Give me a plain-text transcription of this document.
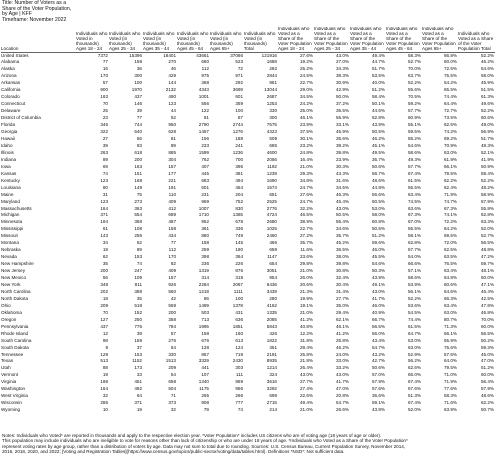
Title: Number of Voters as a
Share of the Voter Population,
by Age | KFF
Timeframe: November 2022
Location	Individuals who Voted in thousands) Ages 18 - 24	Individuals who Voted (in thousands) Ages 25 - 34	Individuals who Voted (in thousands) Ages 35 - 44	Individuals who Voted (in thousands) Ages 45 - 64	Individuals who Voted (in thousands) Ages 65+	Individuals who Voted (in thousands) Total	Individuals who Voted as a Share of the Voter Population Ages 18 - 24	Individuals who Voted as a Share of the Voter Population Ages 25 - 34	Individuals who Voted as a Share of the Voter Population Ages 35 - 44	Individuals who Voted as a Share of the Voter Population Ages 45 - 64	Individuals who Voted as a Share of the Voter Population Ages 65+	Individuals who Voted as a Share of the Voter Population Total
United States	7372	15396	18401	43661	37066	121916	27.6%	43.0%	49.4%	58.3%	66.8%	52.2%
Alabama	77	158	270	660	523	1688	19.2%	27.0%	44.7%	52.7%	60.0%	46.2%
Alaska	16	36	46	112	72	282	25.2%	34.3%	51.7%	70.0%	72.5%	54.6%
Arizona	170	300	429	975	971	2844	24.5%	38.3%	53.5%	63.7%	75.5%	58.0%
Arkansas	57	100	144	368	292	961	22.7%	30.9%	40.0%	52.2%	54.2%	45.9%
California	900	1970	2132	4343	3699	13044	29.0%	42.9%	51.2%	55.6%	65.5%	51.5%
Colorado	163	437	490	1001	601	2687	34.5%	50.0%	58.4%	70.5%	74.4%	61.3%
Connecticut	70	146	123	556	359	1253	24.2%	37.2%	50.1%	59.2%	64.4%	49.6%
Delaware	25	39	44	122	100	330	25.0%	35.5%	44.6%	57.7%	72.7%	52.2%
District of Columbia	23	77	52	81	67	300	46.1%	55.9%	62.8%	60.9%	73.5%	60.6%
Florida	346	744	950	2790	2744	7575	23.9%	33.1%	43.9%	55.1%	62.5%	49.0%
Georgia	322	640	628	1457	1276	4323	37.5%	45.9%	50.5%	59.5%	74.2%	56.9%
Hawaii	27	56	81	156	188	509	30.1%	35.6%	46.2%	55.2%	69.2%	51.7%
Idaho	39	83	89	233	241	685	23.2%	39.2%	45.1%	54.6%	70.9%	48.3%
Illinois	263	618	885	1599	1236	4600	24.8%	39.8%	49.5%	58.6%	63.0%	52.1%
Indiana	89	200	304	762	700	2056	16.4%	23.9%	36.7%	49.3%	61.9%	41.9%
Iowa	69	163	157	407	395	1192	21.0%	30.3%	50.6%	57.7%	66.1%	50.9%
Kansas	74	151	177	445	381	1239	29.3%	43.3%	56.7%	67.4%	79.5%	59.4%
Kentucky	123	168	221	683	494	1690	34.8%	31.6%	48.6%	61.5%	62.2%	52.2%
Louisiana	80	149	191	601	454	1574	24.7%	34.5%	44.8%	55.5%	62.4%	48.2%
Maine	31	75	110	231	204	651	27.6%	46.3%	56.6%	63.4%	71.9%	58.9%
Maryland	123	273	409	969	752	2525	24.7%	45.4%	60.5%	74.5%	74.7%	57.9%
Massachusetts	164	363	412	1007	830	2776	32.2%	43.0%	53.0%	63.6%	67.3%	55.8%
Michigan	371	554	689	1710	1365	4724	46.5%	50.5%	58.0%	67.3%	74.1%	62.8%
Minnesota	194	368	487	952	678	2680	38.9%	55.4%	60.8%	67.0%	72.2%	63.3%
Mississippi	61	108	158	361	336	1025	22.7%	34.6%	50.5%	55.5%	64.2%	52.0%
Missouri	143	255	434	880	749	2460	27.2%	35.7%	51.2%	58.1%	69.5%	52.7%
Montana	34	52	77	158	145	466	35.7%	45.2%	59.6%	62.8%	72.0%	56.5%
Nebraska	19	89	112	259	180	659	11.6%	36.5%	46.0%	57.7%	62.5%	48.8%
Nevada	62	153	170	398	364	1147	23.6%	38.0%	45.5%	54.0%	63.5%	47.2%
New Hampshire	35	74	82	236	226	654	29.8%	39.8%	54.6%	66.6%	76.5%	59.7%
New Jersey	200	247	409	1319	876	3051	21.0%	30.8%	50.3%	57.1%	63.4%	48.1%
New Mexico	56	109	157	314	318	954	26.0%	32.4%	43.9%	58.6%	64.8%	50.0%
New York	348	811	926	2284	2067	6436	20.6%	30.4%	49.1%	53.9%	60.6%	47.1%
North Carolina	202	388	560	1218	1111	3439	21.3%	31.4%	43.0%	56.1%	64.6%	46.4%
North Dakota	18	35	42	86	100	280	19.9%	27.7%	41.7%	52.2%	66.3%	42.5%
Ohio	209	518	559	1499	1378	4162	19.1%	35.0%	46.0%	53.6%	63.4%	47.8%
Oklahoma	70	152	200	503	431	1335	21.0%	29.4%	40.9%	54.5%	63.0%	46.8%
Oregon	127	250	358	713	636	2085	41.2%	62.1%	66.7%	74.4%	80.7%	70.0%
Pennsylvania	437	776	784	1995	1851	5843	40.8%	46.1%	56.5%	61.5%	71.3%	60.0%
Rhode Island	12	39	57	158	160	426	12.2%	41.2%	56.0%	64.7%	66.1%	56.5%
South Carolina	98	159	276	676	613	1822	31.8%	25.8%	43.4%	53.0%	65.9%	50.2%
South Dakota	9	37	54	128	124	351	29.4%	46.2%	54.7%	63.0%	75.6%	59.3%
Tennessee	128	153	330	857	719	2191	25.8%	24.0%	43.2%	52.9%	57.6%	45.0%
Texas	513	1152	1513	3329	2430	8935	21.8%	33.0%	42.7%	56.2%	64.0%	47.0%
Utah	88	173	209	441	303	1214	26.4%	33.2%	50.6%	62.6%	79.5%	51.2%
Vermont	19	33	54	107	111	324	43.0%	43.0%	57.0%	66.0%	71.0%	60.0%
Virginia	198	451	658	1340	969	3616	27.7%	41.7%	57.9%	67.4%	71.9%	56.4%
Washington	164	492	504	1175	956	3292	27.4%	47.0%	57.6%	67.6%	77.6%	57.9%
West Virginia	32	64	71	265	266	698	22.6%	20.8%	36.6%	51.3%	58.3%	48.6%
Wisconsin	286	371	373	908	777	2715	49.4%	54.7%	59.1%	67.4%	71.6%	62.2%
Wyoming	10	19	32	79	74	214	21.0%	26.6%	43.8%	52.0%	63.9%	50.7%
Notes: Individuals who Voted* are reported in thousands and apply to the respective election year. *Voter Population* includes US citizens who are of voting age (18 years of age or older).
This population may include individuals who are ineligible to vote for reasons other than lack of citizenship or who are under 18 years of age. *Individuals who Voted as a Share of the Voter Population*
represent voting rates by age group, rather than a distribution of voters by age. Data may not sum to total due to rounding. Sources: U.S. Census Bureau, Current Population Survey, November 2014,
2016, 2018, 2020, and 2022; [Voting and Registration Tables](https://www.census.gov/topics/public-sector/voting/data/tables.html). Definitions *NSD*: Not sufficient data.
